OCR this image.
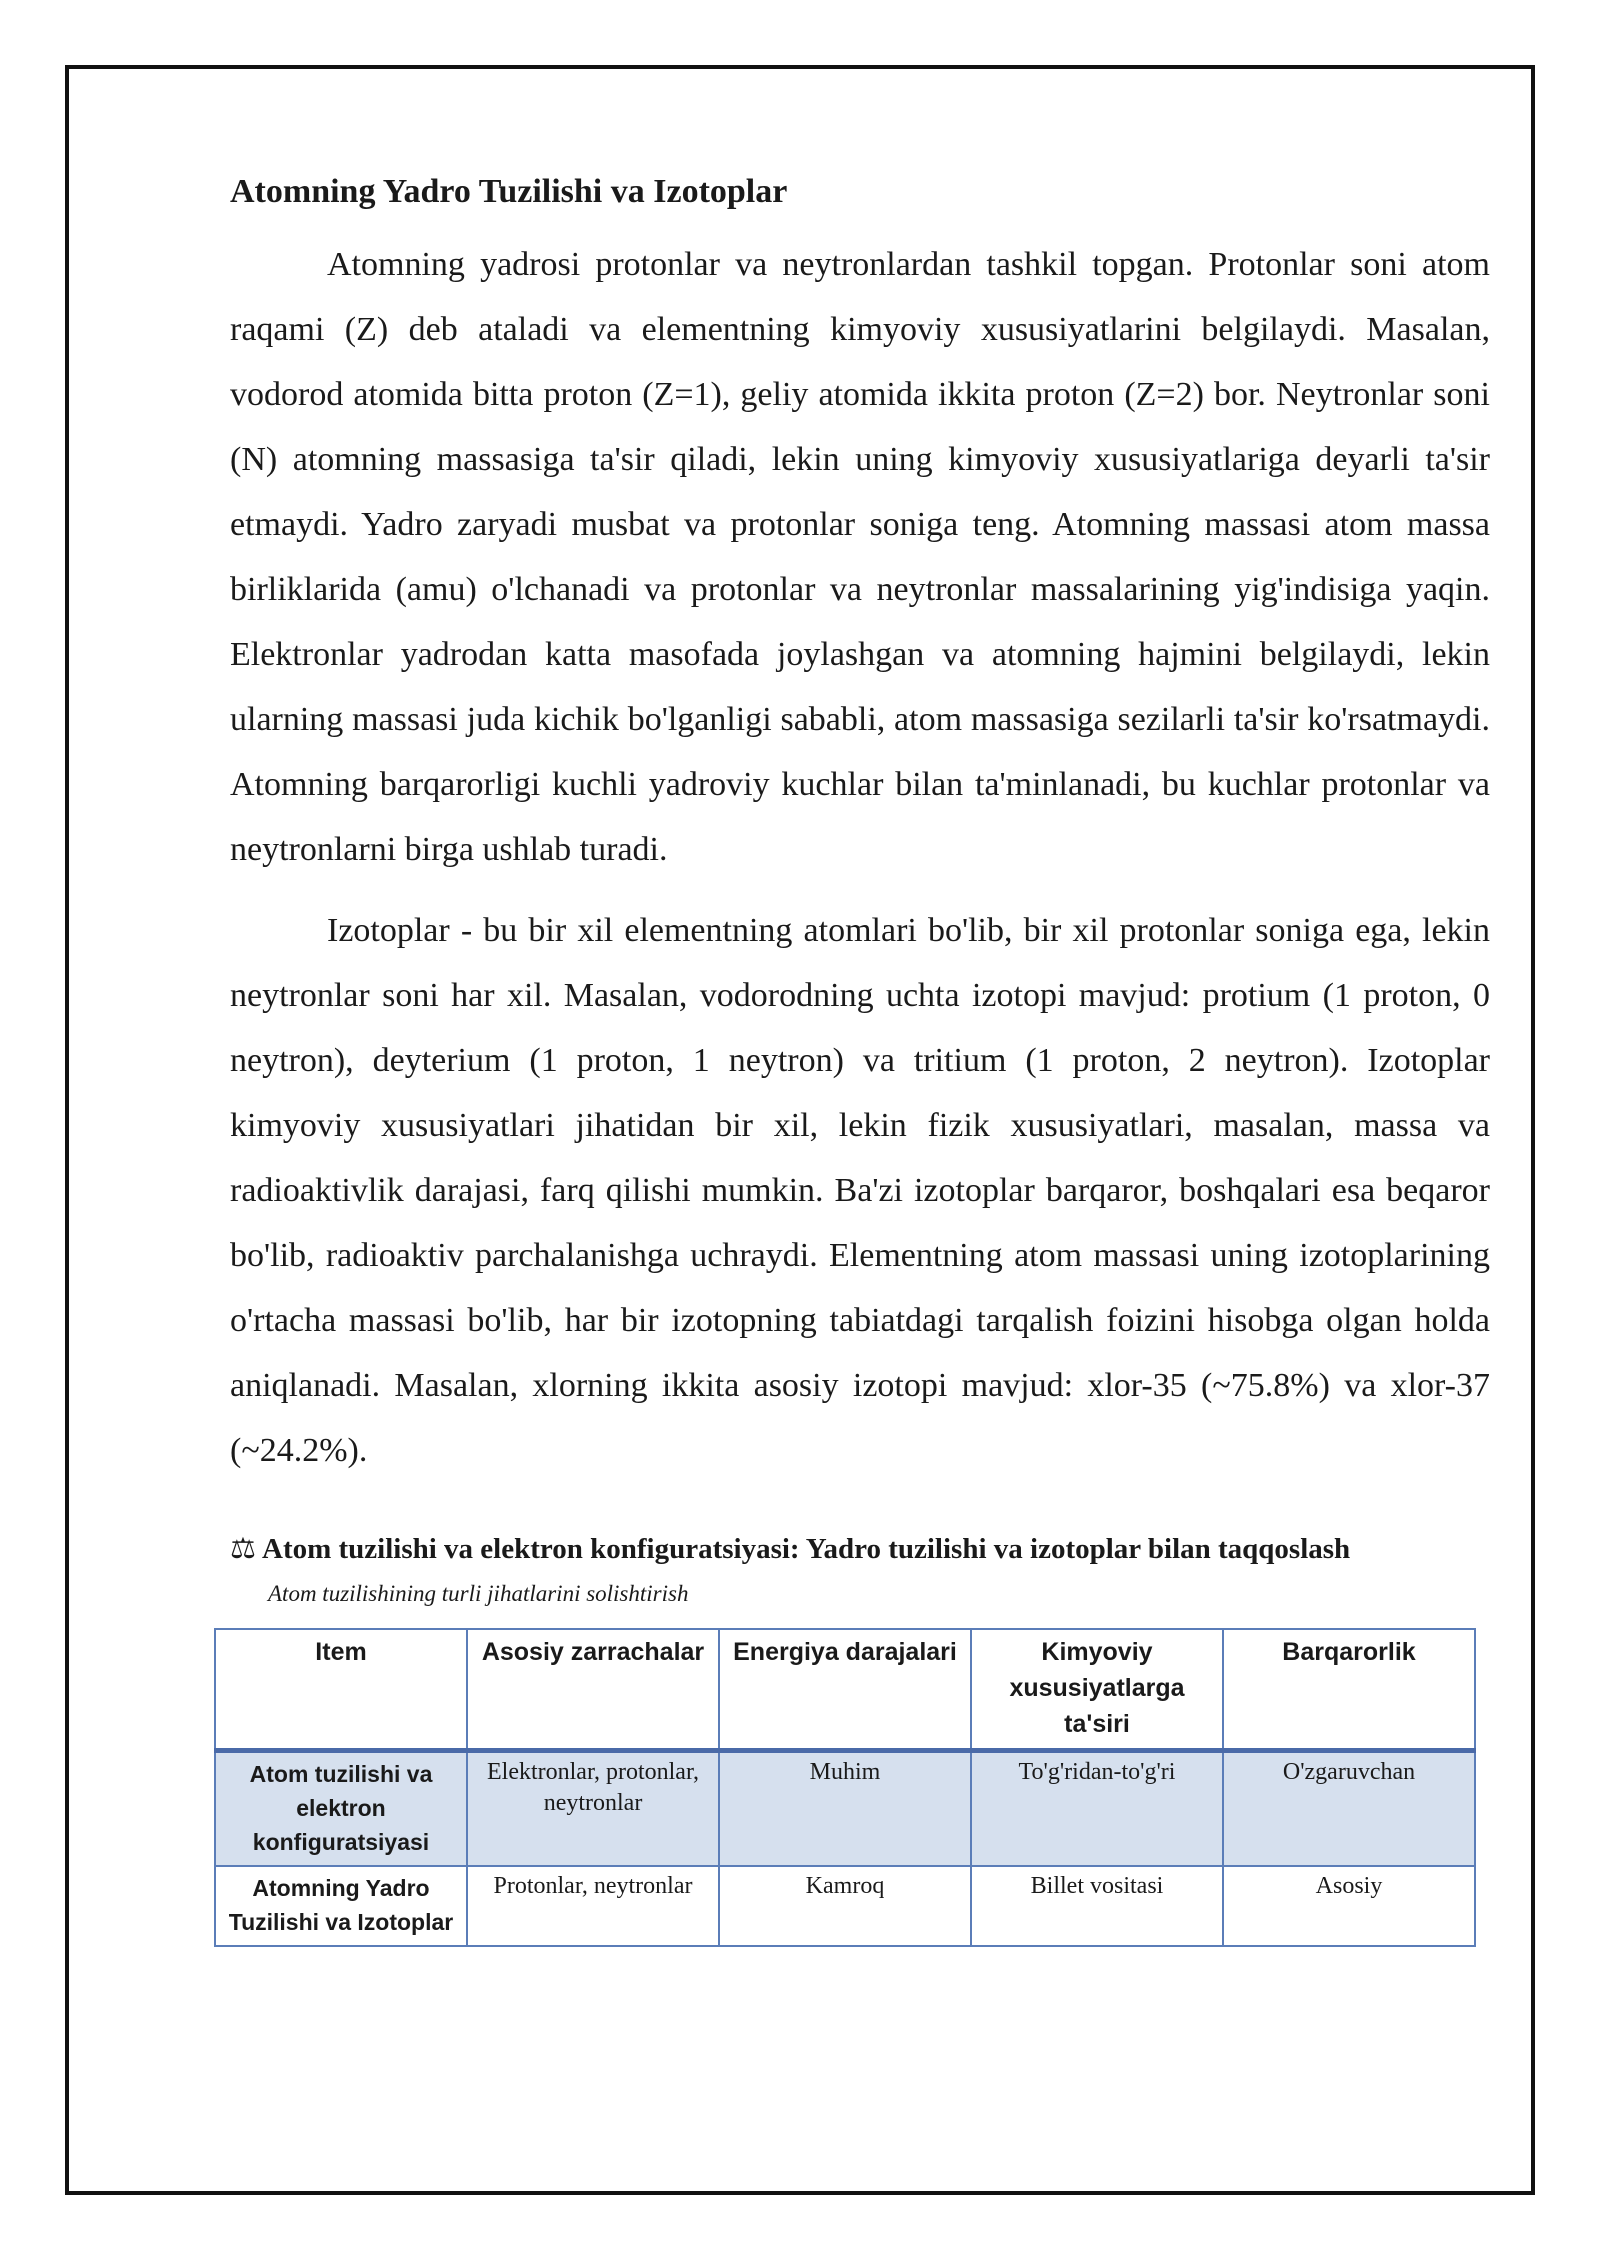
Atomning Yadro Tuzilishi va Izotoplar

Atomning yadrosi protonlar va neytronlardan tashkil topgan. Protonlar soni atom raqami (Z) deb ataladi va elementning kimyoviy xususiyatlarini belgilaydi. Masalan, vodorod atomida bitta proton (Z=1), geliy atomida ikkita proton (Z=2) bor. Neytronlar soni (N) atomning massasiga ta'sir qiladi, lekin uning kimyoviy xususiyatlariga deyarli ta'sir etmaydi. Yadro zaryadi musbat va protonlar soniga teng. Atomning massasi atom massa birliklarida (amu) o'lchanadi va protonlar va neytronlar massalarining yig'indisiga yaqin. Elektronlar yadrodan katta masofada joylashgan va atomning hajmini belgilaydi, lekin ularning massasi juda kichik bo'lganligi sababli, atom massasiga sezilarli ta'sir ko'rsatmaydi. Atomning barqarorligi kuchli yadroviy kuchlar bilan ta'minlanadi, bu kuchlar protonlar va neytronlarni birga ushlab turadi.

Izotoplar - bu bir xil elementning atomlari bo'lib, bir xil protonlar soniga ega, lekin neytronlar soni har xil. Masalan, vodorodning uchta izotopi mavjud: protium (1 proton, 0 neytron), deyterium (1 proton, 1 neytron) va tritium (1 proton, 2 neytron). Izotoplar kimyoviy xususiyatlari jihatidan bir xil, lekin fizik xususiyatlari, masalan, massa va radioaktivlik darajasi, farq qilishi mumkin. Ba'zi izotoplar barqaror, boshqalari esa beqaror bo'lib, radioaktiv parchalanishga uchraydi. Elementning atom massasi uning izotoplarining o'rtacha massasi bo'lib, har bir izotopning tabiatdagi tarqalish foizini hisobga olgan holda aniqlanadi. Masalan, xlorning ikkita asosiy izotopi mavjud: xlor-35 (~75.8%) va xlor-37 (~24.2%).

⚖ Atom tuzilishi va elektron konfiguratsiyasi: Yadro tuzilishi va izotoplar bilan taqqoslash
Atom tuzilishining turli jihatlarini solishtirish
Item	Asosiy zarrachalar	Energiya darajalari	Kimyoviy xususiyatlarga ta'siri	Barqarorlik
Atom tuzilishi va elektron konfiguratsiyasi	Elektronlar, protonlar, neytronlar	Muhim	To'g'ridan-to'g'ri	O'zgaruvchan
Atomning Yadro Tuzilishi va Izotoplar	Protonlar, neytronlar	Kamroq	Billet vositasi	Asosiy
